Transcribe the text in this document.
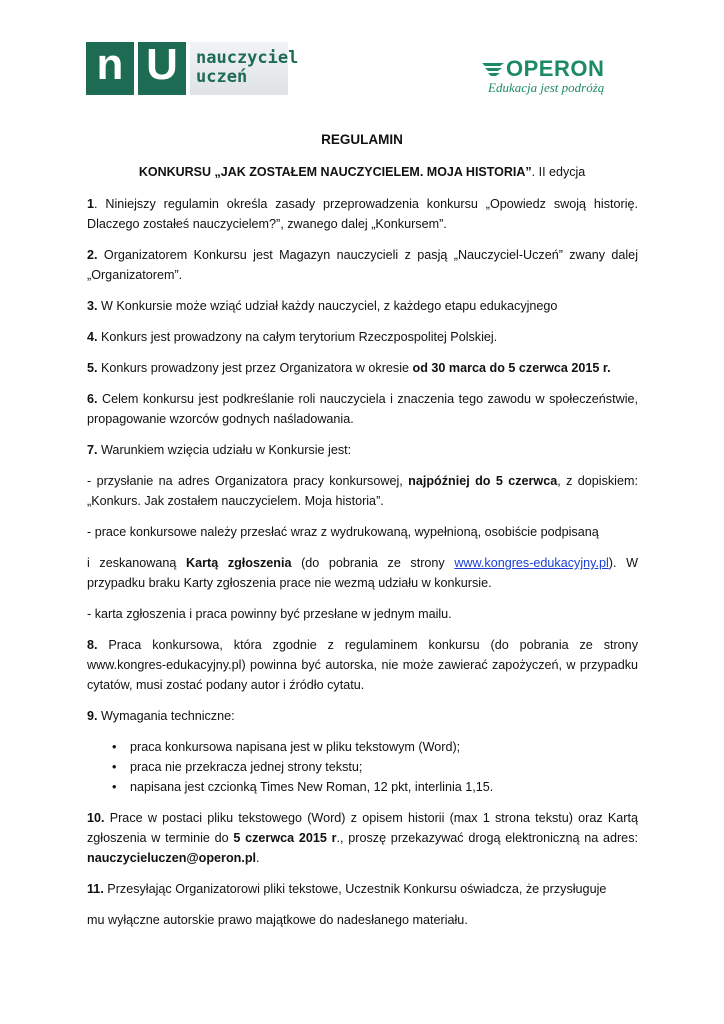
n U	nauczyciel
uczeń	OPERON
Edukacja jest podróżą
REGULAMIN
KONKURSU „JAK ZOSTAŁEM NAUCZYCIELEM. MOJA HISTORIA”. II edycja

1. Niniejszy regulamin określa zasady przeprowadzenia konkursu „Opowiedz swoją historię. Dlaczego zostałeś nauczycielem?”, zwanego dalej „Konkursem”.

2. Organizatorem Konkursu jest Magazyn nauczycieli z pasją „Nauczyciel-Uczeń” zwany dalej „Organizatorem”.

3. W Konkursie może wziąć udział każdy nauczyciel, z każdego etapu edukacyjnego

4. Konkurs jest prowadzony na całym terytorium Rzeczpospolitej Polskiej.

5. Konkurs prowadzony jest przez Organizatora w okresie od 30 marca do 5 czerwca 2015 r.

6. Celem konkursu jest podkreślanie roli nauczyciela i znaczenia tego zawodu w społeczeństwie, propagowanie wzorców godnych naśladowania.

7. Warunkiem wzięcia udziału w Konkursie jest:

- przysłanie na adres Organizatora pracy konkursowej, najpóźniej do 5 czerwca, z dopiskiem: „Konkurs. Jak zostałem nauczycielem. Moja historia”.

- prace konkursowe należy przesłać wraz z wydrukowaną, wypełnioną, osobiście podpisaną

i zeskanowaną Kartą zgłoszenia (do pobrania ze strony www.kongres-edukacyjny.pl). W przypadku braku Karty zgłoszenia prace nie wezmą udziału w konkursie.

- karta zgłoszenia i praca powinny być przesłane w jednym mailu.

8. Praca konkursowa, która zgodnie z regulaminem konkursu (do pobrania ze strony www.kongres-edukacyjny.pl) powinna być autorska, nie może zawierać zapożyczeń, w przypadku cytatów, musi zostać podany autor i źródło cytatu.

9. Wymagania techniczne:

• praca konkursowa napisana jest w pliku tekstowym (Word);
• praca nie przekracza jednej strony tekstu;
• napisana jest czcionką Times New Roman, 12 pkt, interlinia 1,15.

10. Prace w postaci pliku tekstowego (Word) z opisem historii (max 1 strona tekstu) oraz Kartą zgłoszenia w terminie do 5 czerwca 2015 r., proszę przekazywać drogą elektroniczną na adres: nauczycieluczen@operon.pl.

11. Przesyłając Organizatorowi pliki tekstowe, Uczestnik Konkursu oświadcza, że przysługuje

mu wyłączne autorskie prawo majątkowe do nadesłanego materiału.
